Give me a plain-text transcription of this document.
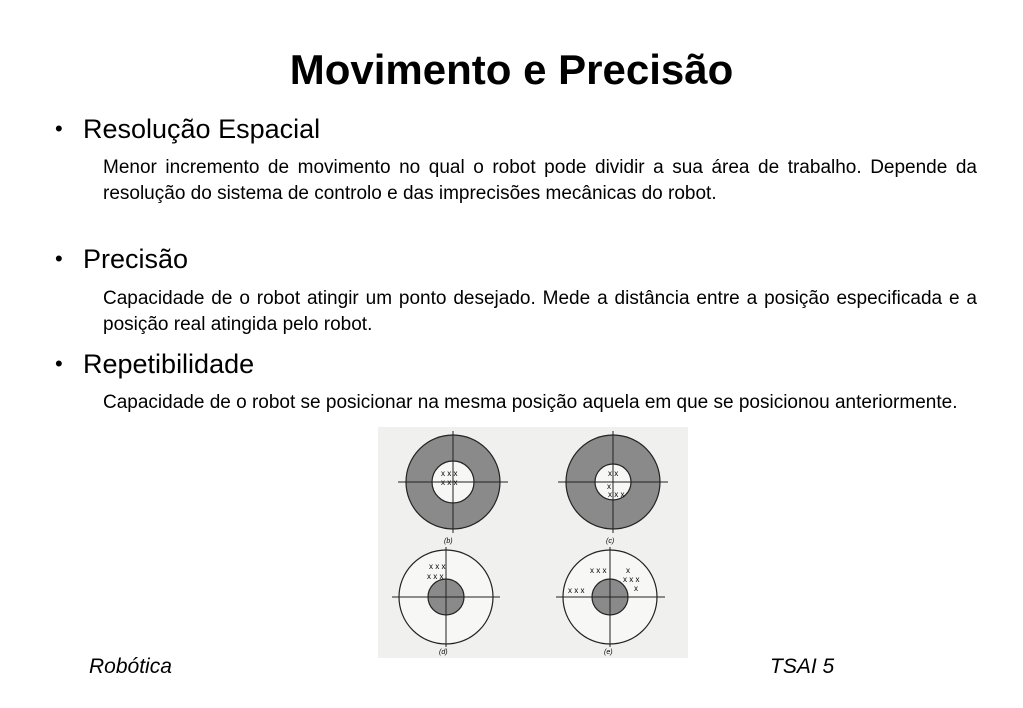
Movimento e Precisão
• Resolução Espacial
Menor incremento de movimento no qual o robot pode dividir a sua área de trabalho. Depende da resolução do sistema de controlo e das imprecisões mecânicas do robot.
• Precisão
Capacidade de o robot atingir um ponto desejado. Mede a distância entre a posição especificada e a posição real atingida pelo robot.
• Repetibilidade
Capacidade de o robot se posicionar na mesma posição aquela em que se posicionou anteriormente.
x x x
x x x
(b)
x x
x
x x x
(c)
x x x
x x x
(d)
x x x x
x x x
x
x x x
(e)
Robótica	TSAI 5
